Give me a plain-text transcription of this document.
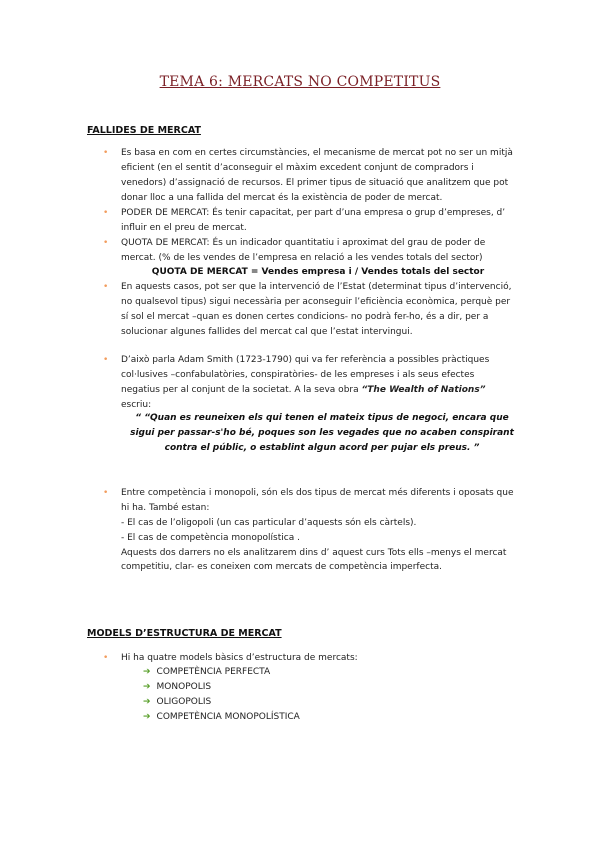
TEMA 6: MERCATS NO COMPETITUS
FALLIDES DE MERCAT
• Es basa en com en certes circumstàncies, el mecanisme de mercat pot no ser un mitjà eficient (en el sentit d’aconseguir el màxim excedent conjunt de compradors i venedors) d’assignació de recursos. El primer tipus de situació que analitzem que pot donar lloc a una fallida del mercat és la existència de poder de mercat.
• PODER DE MERCAT: És tenir capacitat, per part d’una empresa o grup d’empreses, d’ influir en el preu de mercat.
• QUOTA DE MERCAT: És un indicador quantitatiu i aproximat del grau de poder de mercat. (% de les vendes de l’empresa en relació a les vendes totals del sector)
QUOTA DE MERCAT = Vendes empresa i / Vendes totals del sector
• En aquests casos, pot ser que la intervenció de l’Estat (determinat tipus d’intervenció, no qualsevol tipus) sigui necessària per aconseguir l’eficiència econòmica, perquè per sí sol el mercat –quan es donen certes condicions- no podrà fer-ho, és a dir, per a solucionar algunes fallides del mercat cal que l’estat intervingui.
• D’això parla Adam Smith (1723-1790) qui va fer referència a possibles pràctiques col·lusives –confabulatòries, conspiratòries- de les empreses i als seus efectes negatius per al conjunt de la societat. A la seva obra “The Wealth of Nations” escriu:
“ “Quan es reuneixen els qui tenen el mateix tipus de negoci, encara que sigui per passar-s'ho bé, poques son les vegades que no acaben conspirant contra el públic, o establint algun acord per pujar els preus. ”
• Entre competència i monopoli, són els dos tipus de mercat més diferents i oposats que hi ha. També estan:
- El cas de l’oligopoli (un cas particular d’aquests són els càrtels).
- El cas de competència monopolística .
Aquests dos darrers no els analitzarem dins d’ aquest curs Tots ells –menys el mercat competitiu, clar- es coneixen com mercats de competència imperfecta.
MODELS D’ESTRUCTURA DE MERCAT
• Hi ha quatre models bàsics d’estructura de mercats:
➔ COMPETÈNCIA PERFECTA
➔ MONOPOLIS
➔ OLIGOPOLIS
➔ COMPETÈNCIA MONOPOLÍSTICA
